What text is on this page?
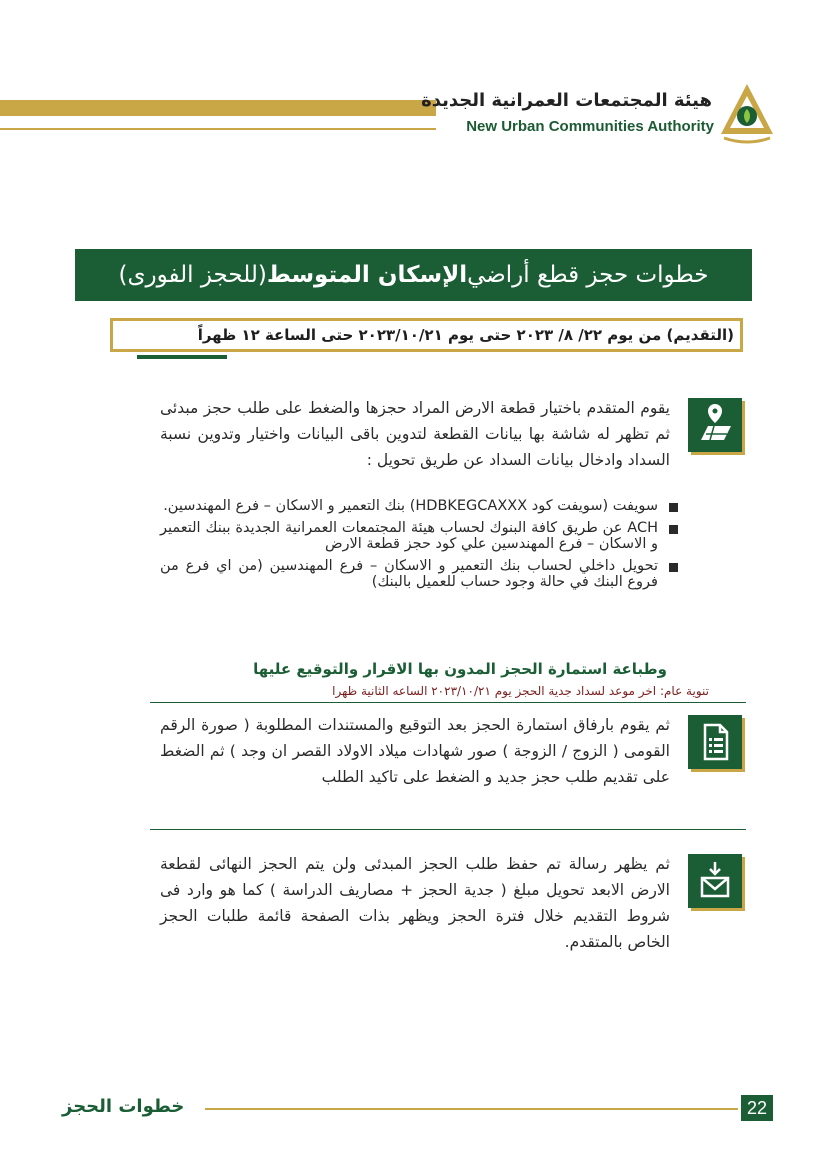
هيئة المجتمعات العمرانية الجديدة
New Urban Communities Authority
خطوات حجز قطع أراضي
الإسكان المتوسط
(للحجز الفورى)
(التقديم) من يوم ٢٢/ ٨/ ٢٠٢٣ حتى يوم ٢٠٢٣/١٠/٢١ حتى الساعة ١٢ ظهراً
يقوم المتقدم باختيار قطعة الارض المراد حجزها والضغط على طلب حجز مبدئى ثم تظهر له شاشة بها بيانات القطعة لتدوين باقى البيانات واختيار وتدوين نسبة السداد وادخال بيانات السداد عن طريق تحويل :
سويفت (سويفت كود HDBKEGCAXXX) بنك التعمير و الاسكان – فرع المهندسين.
ACH عن طريق كافة البنوك لحساب هيئة المجتمعات العمرانية الجديدة ببنك التعمير و الاسكان – فرع المهندسين علي كود حجز قطعة الارض
تحويل داخلي لحساب بنك التعمير و الاسكان – فرع المهندسين (من اي فرع من فروع البنك في حالة وجود حساب للعميل بالبنك)
وطباعة استمارة الحجز المدون بها الاقرار والتوقيع عليها
تنوية عام: اخر موعد لسداد جدية الحجز يوم ٢٠٢٣/١٠/٢١ الساعه الثانية ظهرا
ثم يقوم بارفاق استمارة الحجز بعد التوقيع والمستندات المطلوبة ( صورة الرقم القومى ( الزوج / الزوجة ) صور شهادات ميلاد الاولاد القصر ان وجد ) ثم الضغط على تقديم طلب حجز جديد و الضغط على تاكيد الطلب
ثم يظهر رسالة تم حفظ طلب الحجز المبدئى ولن يتم الحجز النهائى لقطعة الارض الابعد تحويل مبلغ ( جدية الحجز + مصاريف الدراسة ) كما هو وارد فى شروط التقديم خلال فترة الحجز ويظهر بذات الصفحة قائمة طلبات الحجز الخاص بالمتقدم.
خطوات الحجز	22
